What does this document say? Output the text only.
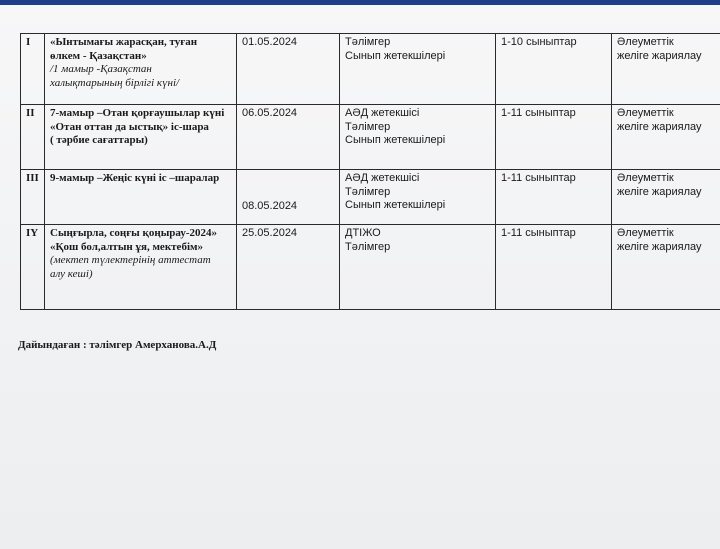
I	«Ынтымағы жарасқан, туған
өлкем - Қазақстан»
/1 мамыр -Қазақстан
халықтарының бірлігі күні/	01.05.2024	Тәлімгер
Сынып жетекшілері	1-10 сыныптар	Әлеуметтік
желіге жариялау

II	7-мамыр –Отан қорғаушылар күні
«Отан оттан да ыстық» іс-шара
( тәрбие сағаттары)	06.05.2024	АӘД жетекшісі
Тәлімгер
Сынып жетекшілері	1-11 сыныптар	Әлеуметтік
желіге жариялау

III	9-мамыр –Жеңіс күні іс –шаралар	08.05.2024	АӘД жетекшісі
Тәлімгер
Сынып жетекшілері	1-11 сыныптар	Әлеуметтік
желіге жариялау

IY	Сыңғырла, соңғы қоңырау-2024»
«Қош бол,алтын ұя, мектебім»
(мектеп түлектерінің аттестат
алу кеші)	25.05.2024	ДТІЖО
Тәлімгер	1-11 сыныптар	Әлеуметтік
желіге жариялау
Дайындаған : тәлімгер Амерханова.А.Д
